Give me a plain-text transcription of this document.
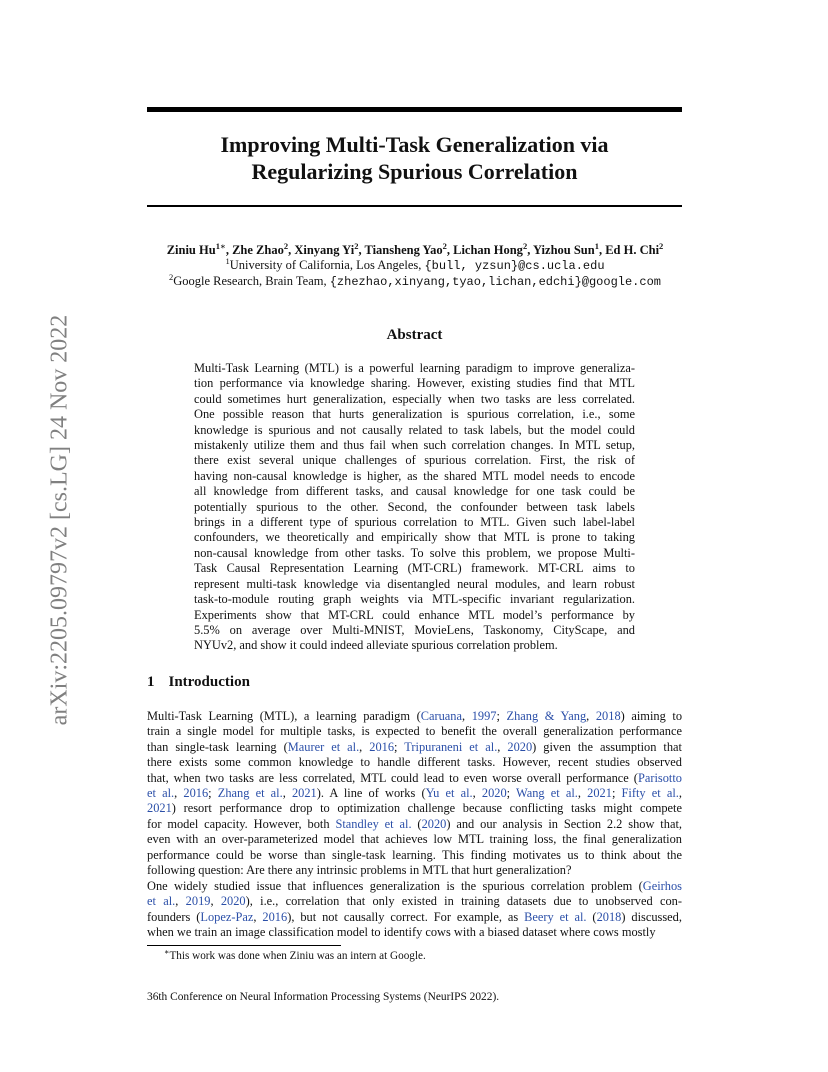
arXiv:2205.09797v2 [cs.LG] 24 Nov 2022
Improving Multi-Task Generalization via
Regularizing Spurious Correlation
Ziniu $Hu^{1∗}$, Zhe Zhao$^2$, Xinyang Yi$^2$, Tiansheng Yao$^2$, Lichan Hong$^2$, Yizhou Sun$^1$, Ed H. Chi$^2$
$^1$University of California, Los Angeles, {bull, yzsun}@cs.ucla.edu
$^2$Google Research, Brain Team, {zhezhao,xinyang,tyao,lichan,edchi}@google.com
Abstract
Multi-Task Learning (MTL) is a powerful learning paradigm to improve generaliza-
tion performance via knowledge sharing. However, existing studies find that MTL
could sometimes hurt generalization, especially when two tasks are less correlated.
One possible reason that hurts generalization is spurious correlation, i.e., some
knowledge is spurious and not causally related to task labels, but the model could
mistakenly utilize them and thus fail when such correlation changes. In MTL setup,
there exist several unique challenges of spurious correlation. First, the risk of
having non-causal knowledge is higher, as the shared MTL model needs to encode
all knowledge from different tasks, and causal knowledge for one task could be
potentially spurious to the other. Second, the confounder between task labels
brings in a different type of spurious correlation to MTL. Given such label-label
confounders, we theoretically and empirically show that MTL is prone to taking
non-causal knowledge from other tasks. To solve this problem, we propose Multi-
Task Causal Representation Learning (MT-CRL) framework. MT-CRL aims to
represent multi-task knowledge via disentangled neural modules, and learn robust
task-to-module routing graph weights via MTL-specific invariant regularization.
Experiments show that MT-CRL could enhance MTL model’s performance by
5.5% on average over Multi-MNIST, MovieLens, Taskonomy, CityScape, and
NYUv2, and show it could indeed alleviate spurious correlation problem.
1 Introduction
Multi-Task Learning (MTL), a learning paradigm (Caruana, 1997; Zhang & Yang, 2018) aiming to
train a single model for multiple tasks, is expected to benefit the overall generalization performance
than single-task learning (Maurer et al., 2016; Tripuraneni et al., 2020) given the assumption that
there exists some common knowledge to handle different tasks. However, recent studies observed
that, when two tasks are less correlated, MTL could lead to even worse overall performance (Parisotto
et al., 2016; Zhang et al., 2021). A line of works (Yu et al., 2020; Wang et al., 2021; Fifty et al.,
2021) resort performance drop to optimization challenge because conflicting tasks might compete
for model capacity. However, both Standley et al. (2020) and our analysis in Section 2.2 show that,
even with an over-parameterized model that achieves low MTL training loss, the final generalization
performance could be worse than single-task learning. This finding motivates us to think about the
following question: Are there any intrinsic problems in MTL that hurt generalization?
One widely studied issue that influences generalization is the spurious correlation problem (Geirhos
et al., 2019, 2020), i.e., correlation that only existed in training datasets due to unobserved con-
founders (Lopez-Paz, 2016), but not causally correct. For example, as Beery et al. (2018) discussed,
when we train an image classification model to identify cows with a biased dataset where cows mostly
∗This work was done when Ziniu was an intern at Google.
36th Conference on Neural Information Processing Systems (NeurIPS 2022).
